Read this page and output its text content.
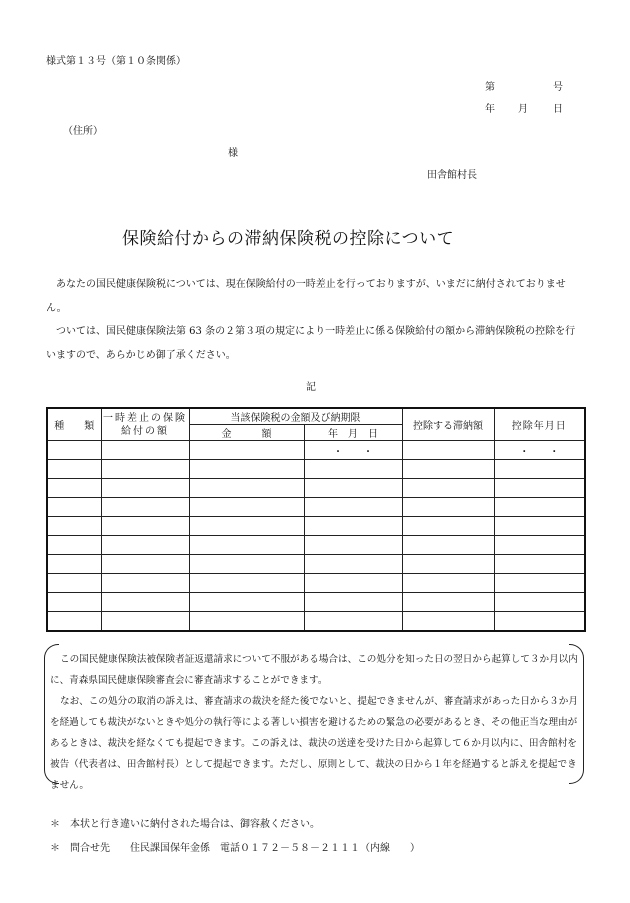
様式第１３号（第１０条関係）
第	号
年 月	日
（住所）
様
田舎館村長
保険給付からの滞納保険税の控除について
あなたの国民健康保険税については、現在保険給付の一時差止を行っておりますが、いまだに納付されておりません。
ついては、国民健康保険法第 63 条の２第３項の規定により一時差止に係る保険給付の額から滞納保険税の控除を行いますので、あらかじめ御了承ください。
記
種　　類	一時差止の保険給付の額	当該保険税の金額及び納期限		控除する滞納額	控除年月日
		金　　　額	年　月　日		
			・　　・		・　　・

この国民健康保険法被保険者証返還請求について不服がある場合は、この処分を知った日の翌日から起算して３か月以内に、青森県国民健康保険審査会に審査請求することができます。
なお、この処分の取消の訴えは、審査請求の裁決を経た後でないと、提起できませんが、審査請求があった日から３か月を経過しても裁決がないときや処分の執行等による著しい損害を避けるための緊急の必要があるとき、その他正当な理由があるときは、裁決を経なくても提起できます。この訴えは、裁決の送達を受けた日から起算して６か月以内に、田舎館村を被告（代表者は、田舎館村長）として提起できます。ただし、原則として、裁決の日から１年を経過すると訴えを提起できません。
＊　本状と行き違いに納付された場合は、御容赦ください。
＊　問合せ先　　住民課国保年金係　電話０１７２－５８－２１１１（内線　　）
